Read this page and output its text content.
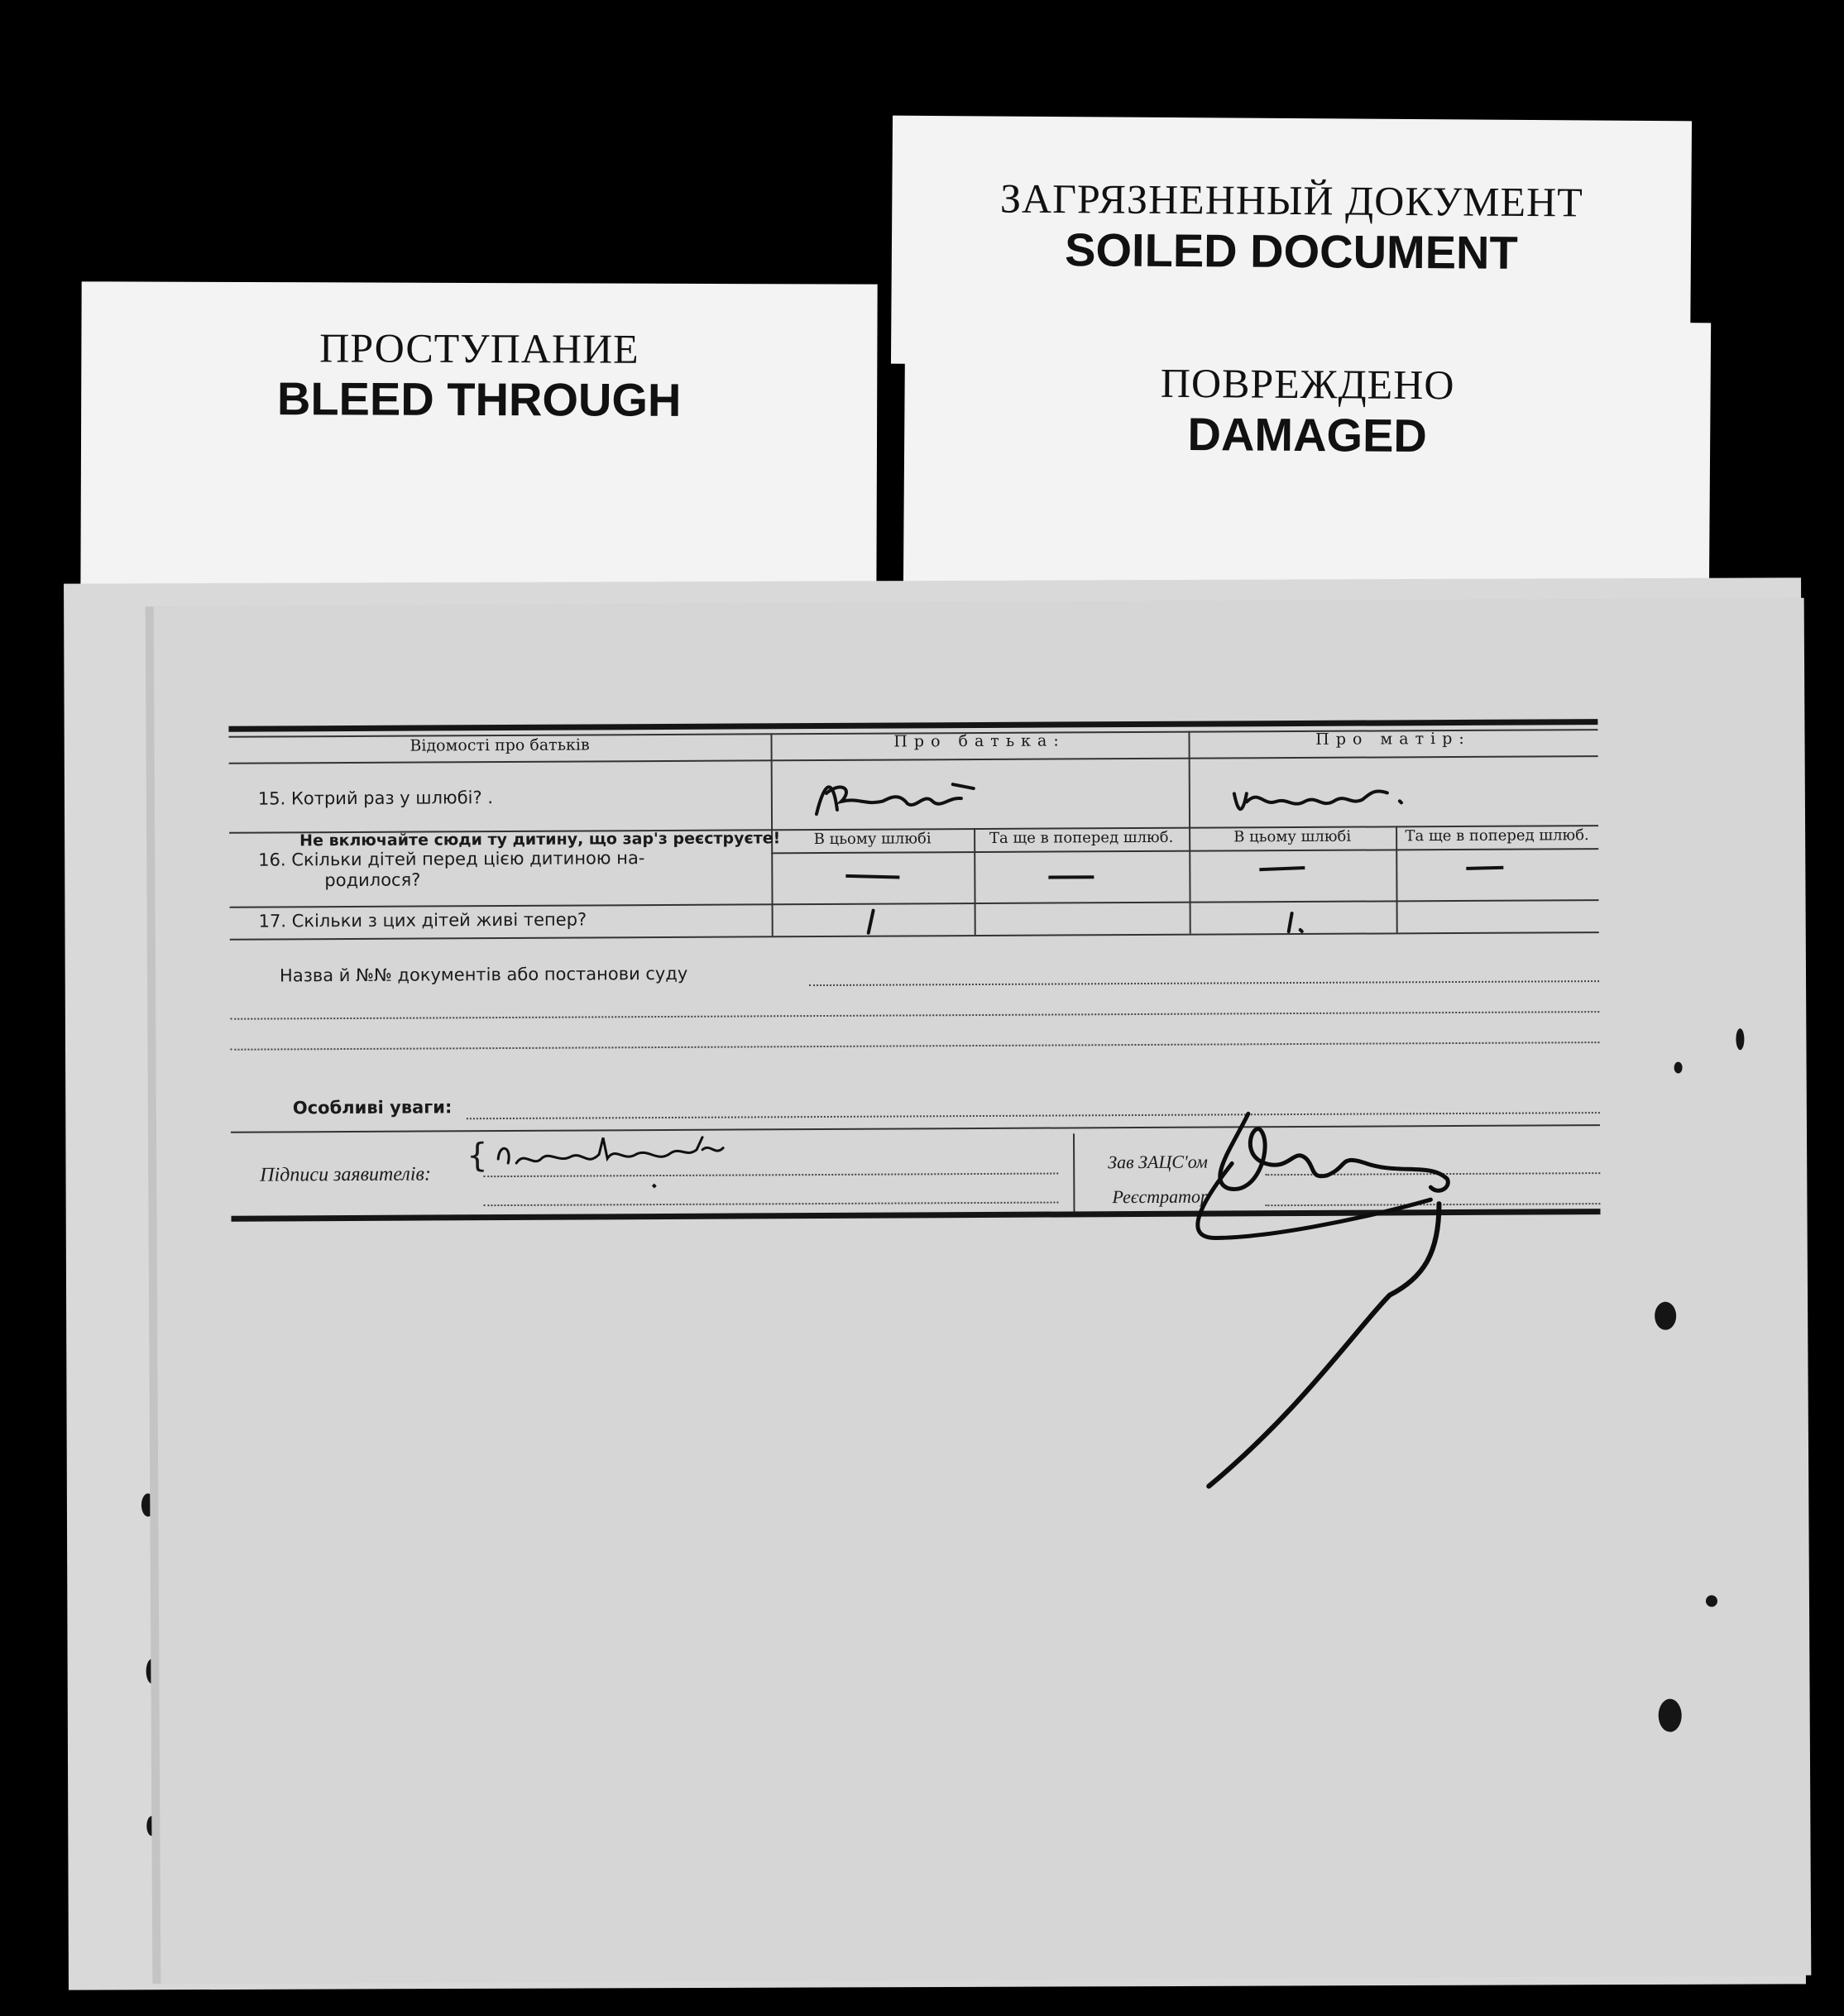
ЗАГРЯЗНЕННЫЙ ДОКУМЕНТ
SOILED DOCUMENT
ПРОСТУПАНИЕ
BLEED THROUGH	ПОВРЕЖДЕНО
DAMAGED
Відомості про батьків	Про батька:	Про матір:
15. Котрий раз у шлюбі? .
Не включайте сюди ту дитину, що зар'з реєструєте!
16. Скільки дітей перед цією дитиною на-
родилося?
В цьому шлюбі	Та ще в поперед шлюб.	В цьому шлюбі	Та ще в поперед шлюб.
17. Скільки з цих дітей живі тепер?
Назва й №№ документів або постанови суду
Особливі уваги:
Підписи заявителів: {	Зав ЗАЦС'ом
Реєстратор
